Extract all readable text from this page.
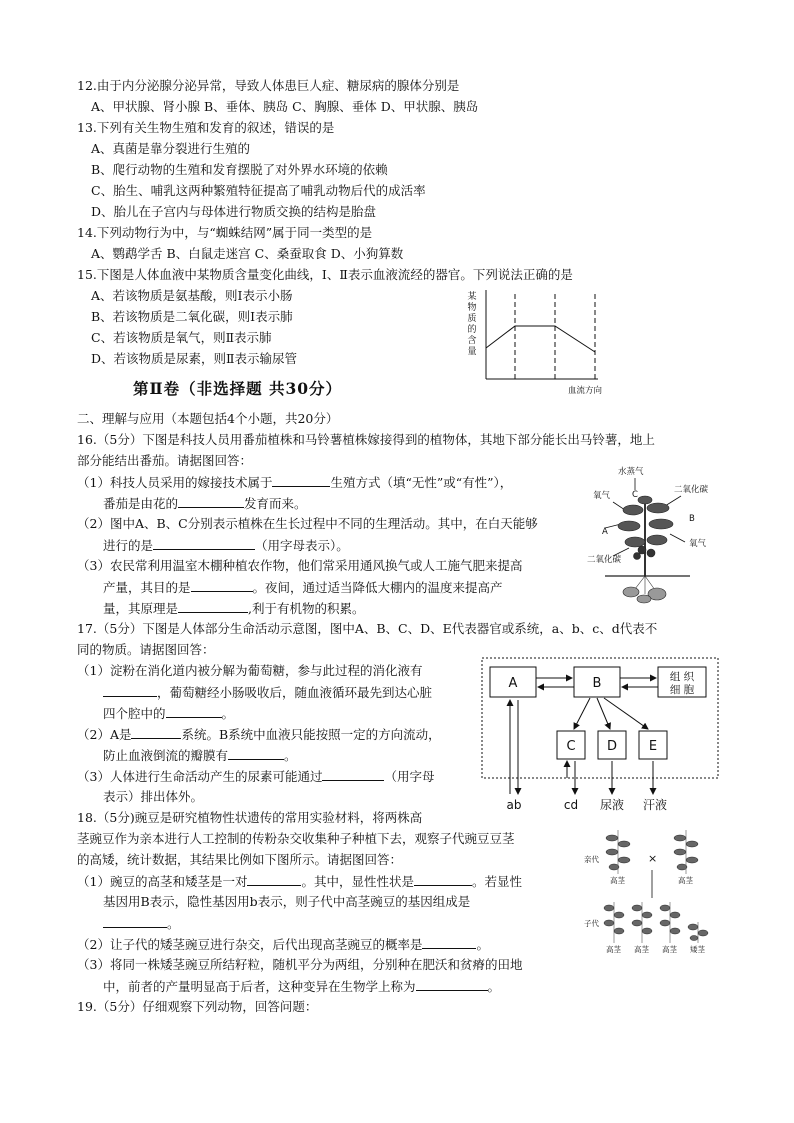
12.由于内分泌腺分泌异常，导致人体患巨人症、糖尿病的腺体分别是
A、甲状腺、肾小腺 B、垂体、胰岛 C、胸腺、垂体 D、甲状腺、胰岛
13.下列有关生物生殖和发育的叙述，错误的是
A、真菌是靠分裂进行生殖的
B、爬行动物的生殖和发育摆脱了对外界水环境的依赖
C、胎生、哺乳这两种繁殖特征提高了哺乳动物后代的成活率
D、胎儿在子宫内与母体进行物质交换的结构是胎盘
14.下列动物行为中，与“蜘蛛结网”属于同一类型的是
A、鹦鹉学舌 B、白鼠走迷宫 C、桑蚕取食 D、小狗算数
15.下图是人体血液中某物质含量变化曲线，I、Ⅱ表示血液流经的器官。下列说法正确的是
A、若该物质是氨基酸，则Ⅰ表示小肠
B、若该物质是二氧化碳，则Ⅰ表示肺
C、若该物质是氧气，则Ⅱ表示肺
D、若该物质是尿素，则Ⅱ表示输尿管
某
物
质
的
含
量
血流方向
第Ⅱ卷（非选择题 共30分）
二、理解与应用（本题包括4个小题，共20分）
16.（5分）下图是科技人员用番茄植株和马铃薯植株嫁接得到的植物体，其地下部分能长出马铃薯，地上
部分能结出番茄。请据图回答：
（1）科技人员采用的嫁接技术属于	生殖方式（填“无性”或“有性”），
番茄是由花的	发育而来。
（2）图中A、B、C分别表示植株在生长过程中不同的生理活动。其中，在白天能够
进行的是	（用字母表示）。
（3）农民常利用温室木棚种植农作物，他们常采用通风换气或人工施气肥来提高
产量，其目的是	。夜间，通过适当降低大棚内的温度来提高产
量，其原理是	,利于有机物的积累。
水蒸气
氧气	C	二氧化碳
A
B
氧气
二氧化碳
17.（5分）下图是人体部分生命活动示意图，图中A、B、C、D、E代表器官或系统，a、b、c、d代表不
同的物质。请据图回答：
（1）淀粉在消化道内被分解为葡萄糖，参与此过程的消化液有
，葡萄糖经小肠吸收后，随血液循环最先到达心脏
四个腔中的	。
（2）A是	系统。B系统中血液只能按照一定的方向流动，
防止血液倒流的瓣膜有	。
（3）人体进行生命活动产生的尿素可能通过	（用字母
表示）排出体外。
A	B
C D E
组 织
细 胞
ab	cd 尿液 汗液
18.（5分)豌豆是研究植物性状遗传的常用实验材料，将两株高
茎豌豆作为亲本进行人工控制的传粉杂交收集种子种植下去，观察子代豌豆豆茎
的高矮，统计数据，其结果比例如下图所示。请据图回答：
（1）豌豆的高茎和矮茎是一对	。其中，显性性状是	。若显性
基因用B表示，隐性基因用b表示，则子代中高茎豌豆的基因组成是
。
（2）让子代的矮茎豌豆进行杂交，后代出现高茎豌豆的概率是	。
（3）将同一株矮茎豌豆所结籽粒，随机平分为两组，分别种在肥沃和贫瘠的田地
中，前者的产量明显高于后者，这种变异在生物学上称为	。
亲代	×
子代
高茎	高茎
高茎 高茎 高茎 矮茎
19.（5分）仔细观察下列动物，回答问题：
